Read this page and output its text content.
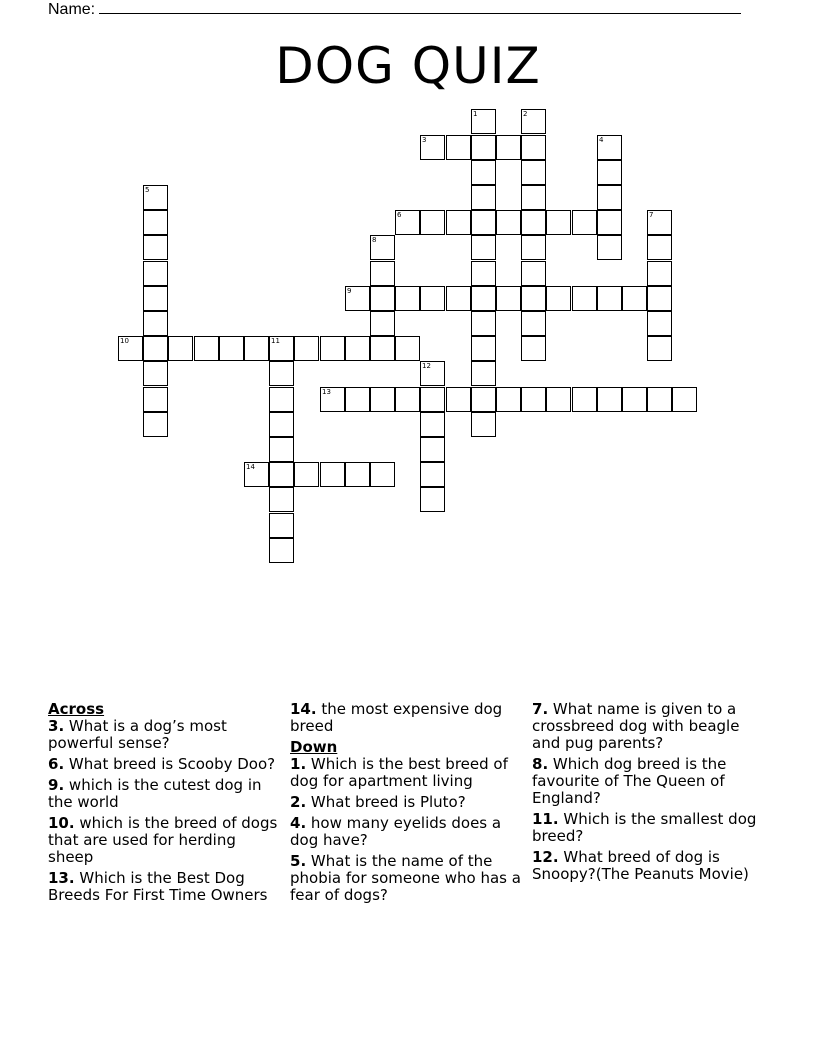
Name:
DOG QUIZ
1	2
3	4
5
6	7
8
9
10	11
12
13
14

Across

3. What is a dog’s most powerful sense?

6. What breed is Scooby Doo?

9. which is the cutest dog in the world

10. which is the breed of dogs that are used for herding sheep

13. Which is the Best Dog Breeds For First Time Owners

14. the most expensive dog breed

Down

1. Which is the best breed of dog for apartment living

2. What breed is Pluto?

4. how many eyelids does a dog have?

5. What is the name of the phobia for someone who has a fear of dogs?

7. What name is given to a crossbreed dog with beagle and pug parents?

8. Which dog breed is the favourite of The Queen of England?

11. Which is the smallest dog breed?

12. What breed of dog is Snoopy?(The Peanuts Movie)
